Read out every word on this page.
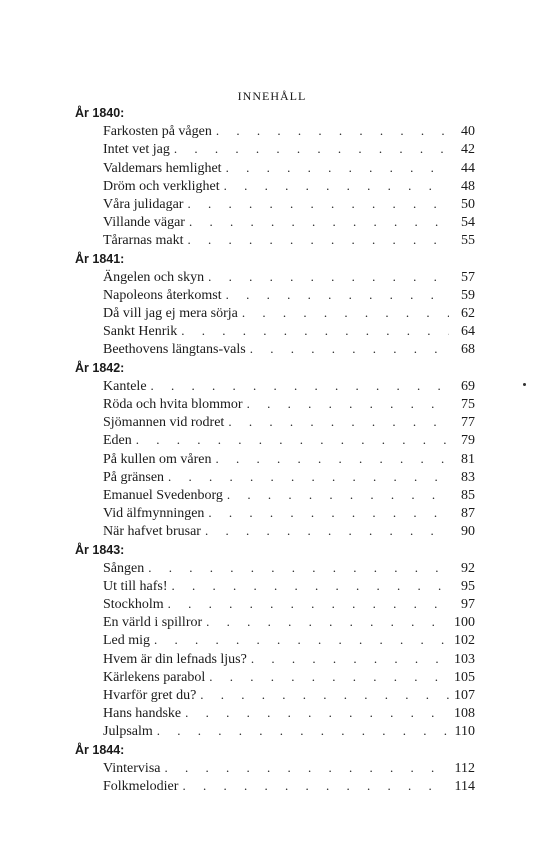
INNEHÅLL
År 1840:
Farkosten på vågen . . .	40
Intet vet jag . . .	42
Valdemars hemlighet . . .	44
Dröm och verklighet . . .	48
Våra julidagar . . .	50
Villande vägar . . .	54
Tårarnas makt . . .	55
År 1841:
Ängelen och skyn . . .	57
Napoleons återkomst . . .	59
Då vill jag ej mera sörja . . .	62
Sankt Henrik . . .	64
Beethovens längtans-vals . . .	68
År 1842:
Kantele . . .	69
Röda och hvita blommor . . .	75
Sjömannen vid rodret . . .	77
Eden . . .	79
På kullen om våren . . .	81
På gränsen . . .	83
Emanuel Svedenborg . . .	85
Vid älfmynningen . . .	87
När hafvet brusar . . .	90
År 1843:
Sången . . .	92
Ut till hafs! . . .	95
Stockholm . . .	97
En värld i spillror . . .	100
Led mig . . .	102
Hvem är din lefnads ljus? . . .	103
Kärlekens parabol . . .	105
Hvarför gret du? . . .	107
Hans handske . . .	108
Julpsalm . . .	110
År 1844:
Vintervisa . . .	112
Folkmelodier . . .	114
